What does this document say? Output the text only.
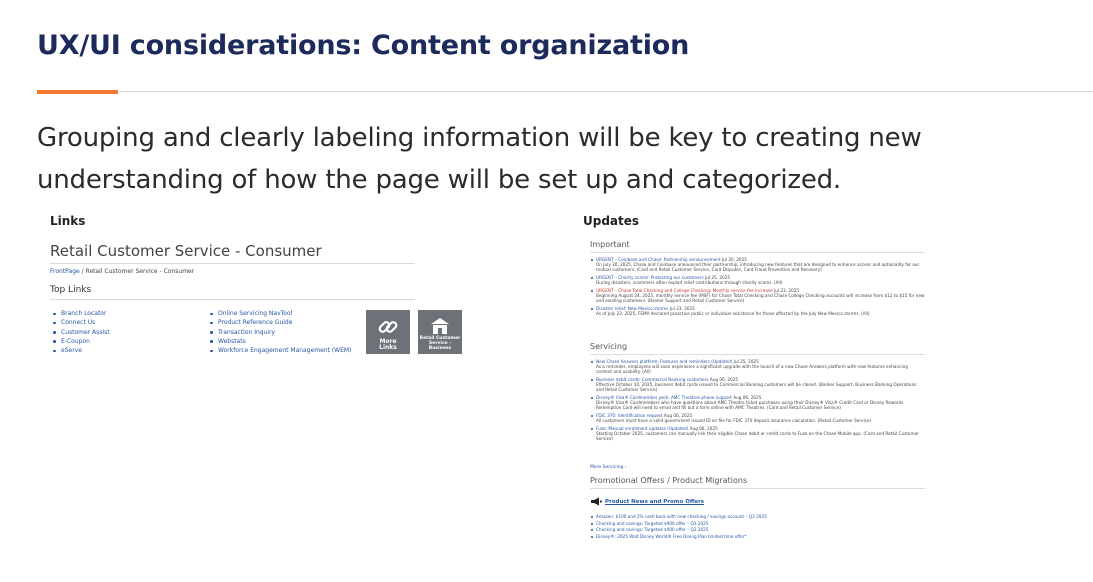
UX/UI considerations: Content organization
Grouping and clearly labeling information will be key to creating new understanding of how the page will be set up and categorized.
Links
Retail Customer Service - Consumer
FrontPage / Retail Customer Service - Consumer
Top Links
Branch Locator
Connect Us
Customer Assist
E-Coupon
eServe
Online Servicing NavTool
Product Reference Guide
Transaction Inquiry
Webstats
Workforce Engagement Management (WEM)
More
Links
Retail Customer
Service - Business
Updates
Important
URGENT – Coinbase and Chase: Partnership announcement Jul 30, 2025
On July 30, 2025, Chase and Coinbase announced their partnership, introducing new features that are designed to enhance access and optionality for our mutual customers. (Card and Retail Customer Service, Card Disputes, Card Fraud Prevention and Recovery)
URGENT – Charity scams: Protecting our customers Jul 25, 2025
During disasters, scammers often exploit relief contributions through charity scams. (All)
URGENT – Chase Total Checking and College Checking: Monthly service fee increase Jul 23, 2025
Beginning August 24, 2025, monthly service fee (MSF) for Chase Total Checking and Chase College Checking accounts will increase from $12 to $15 for new and existing customers. (Banker Support and Retail Customer Service)
Disaster relief: New Mexico storms Jul 23, 2025
As of July 23, 2025, FEMA declared proactive public or individual assistance for those affected by the July New Mexico storms. (All)
Servicing
New Chase Answers platform: Features and reminders (Updated) Jul 25, 2025
As a reminder, employees will soon experience a significant upgrade with the launch of a new Chase Answers platform with new features enhancing content and usability. (All)
Business debit cards: Commercial Banking customers Aug 06, 2025
Effective October 10, 2025, business debit cards issued to Commercial Banking customers will be closed. (Banker Support, Business Banking Operations and Retail Customer Service)
Disney® Visa® Cardmember perk: AMC Theatres phone support Aug 06, 2025
Disney® Visa® Cardmembers who have questions about AMC Theatre ticket purchases using their Disney® Visa® Credit Card or Disney Rewards Redemption Card will need to email and fill out a form online with AMC Theatres. (Card and Retail Customer Service)
FDIC 370: Identification request Aug 06, 2025
All customers must have a valid government issued ID on file for FDIC 370 deposit insurance calculation. (Retail Customer Service)
Fuze: Manual enrollment updates (Updated) Aug 06, 2025
Starting October 2025, customers can manually link their eligible Chase debit or credit cards to Fuze on the Chase Mobile app. (Card and Retail Customer Service)
More Servicing ›
Promotional Offers / Product Migrations
Product News and Promo Offers
Amazon: $100 and 2% cash back with new checking / savings account – Q3 2025
Checking and savings: Targeted $900 offer – Q3 2025
Checking and savings: Targeted $900 offer – Q2 2025
Disney®: 2025 Walt Disney World® Free Dining Plan limited time offer*
